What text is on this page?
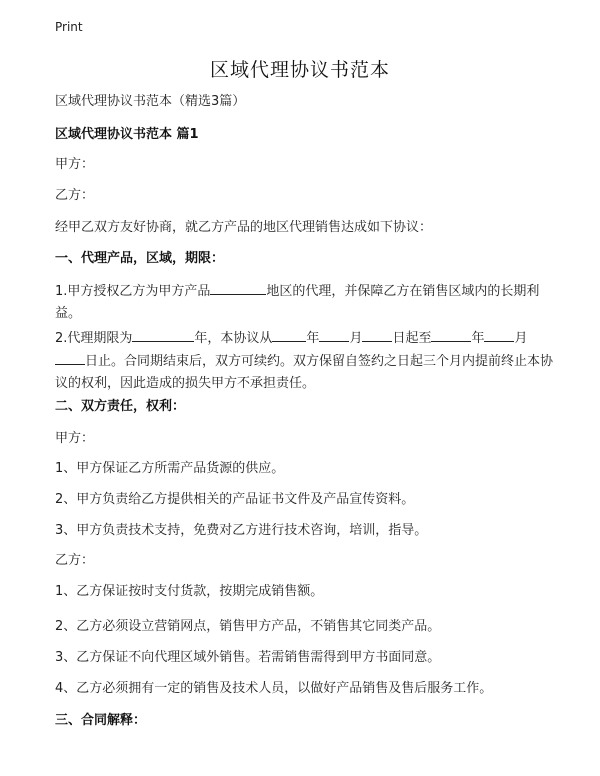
Print
区域代理协议书范本
区域代理协议书范本（精选3篇）
区域代理协议书范本 篇1
甲方：
乙方：
经甲乙双方友好协商，就乙方产品的地区代理销售达成如下协议：
一、代理产品，区域，期限：
1.甲方授权乙方为甲方产品	地区的代理，并保障乙方在销售区域内的长期利益。
2.代理期限为	年，本协议从	年 月 日起至	年 月日止。合同期结束后，双方可续约。双方保留自签约之日起三个月内提前终止本协议的权利，因此造成的损失甲方不承担责任。
二、双方责任，权利：
甲方：
1、甲方保证乙方所需产品货源的供应。
2、甲方负责给乙方提供相关的产品证书文件及产品宣传资料。
3、甲方负责技术支持，免费对乙方进行技术咨询，培训，指导。
乙方：
1、乙方保证按时支付货款，按期完成销售额。
2、乙方必须设立营销网点，销售甲方产品，不销售其它同类产品。
3、乙方保证不向代理区域外销售。若需销售需得到甲方书面同意。
4、乙方必须拥有一定的销售及技术人员，以做好产品销售及售后服务工作。
三、合同解释：
